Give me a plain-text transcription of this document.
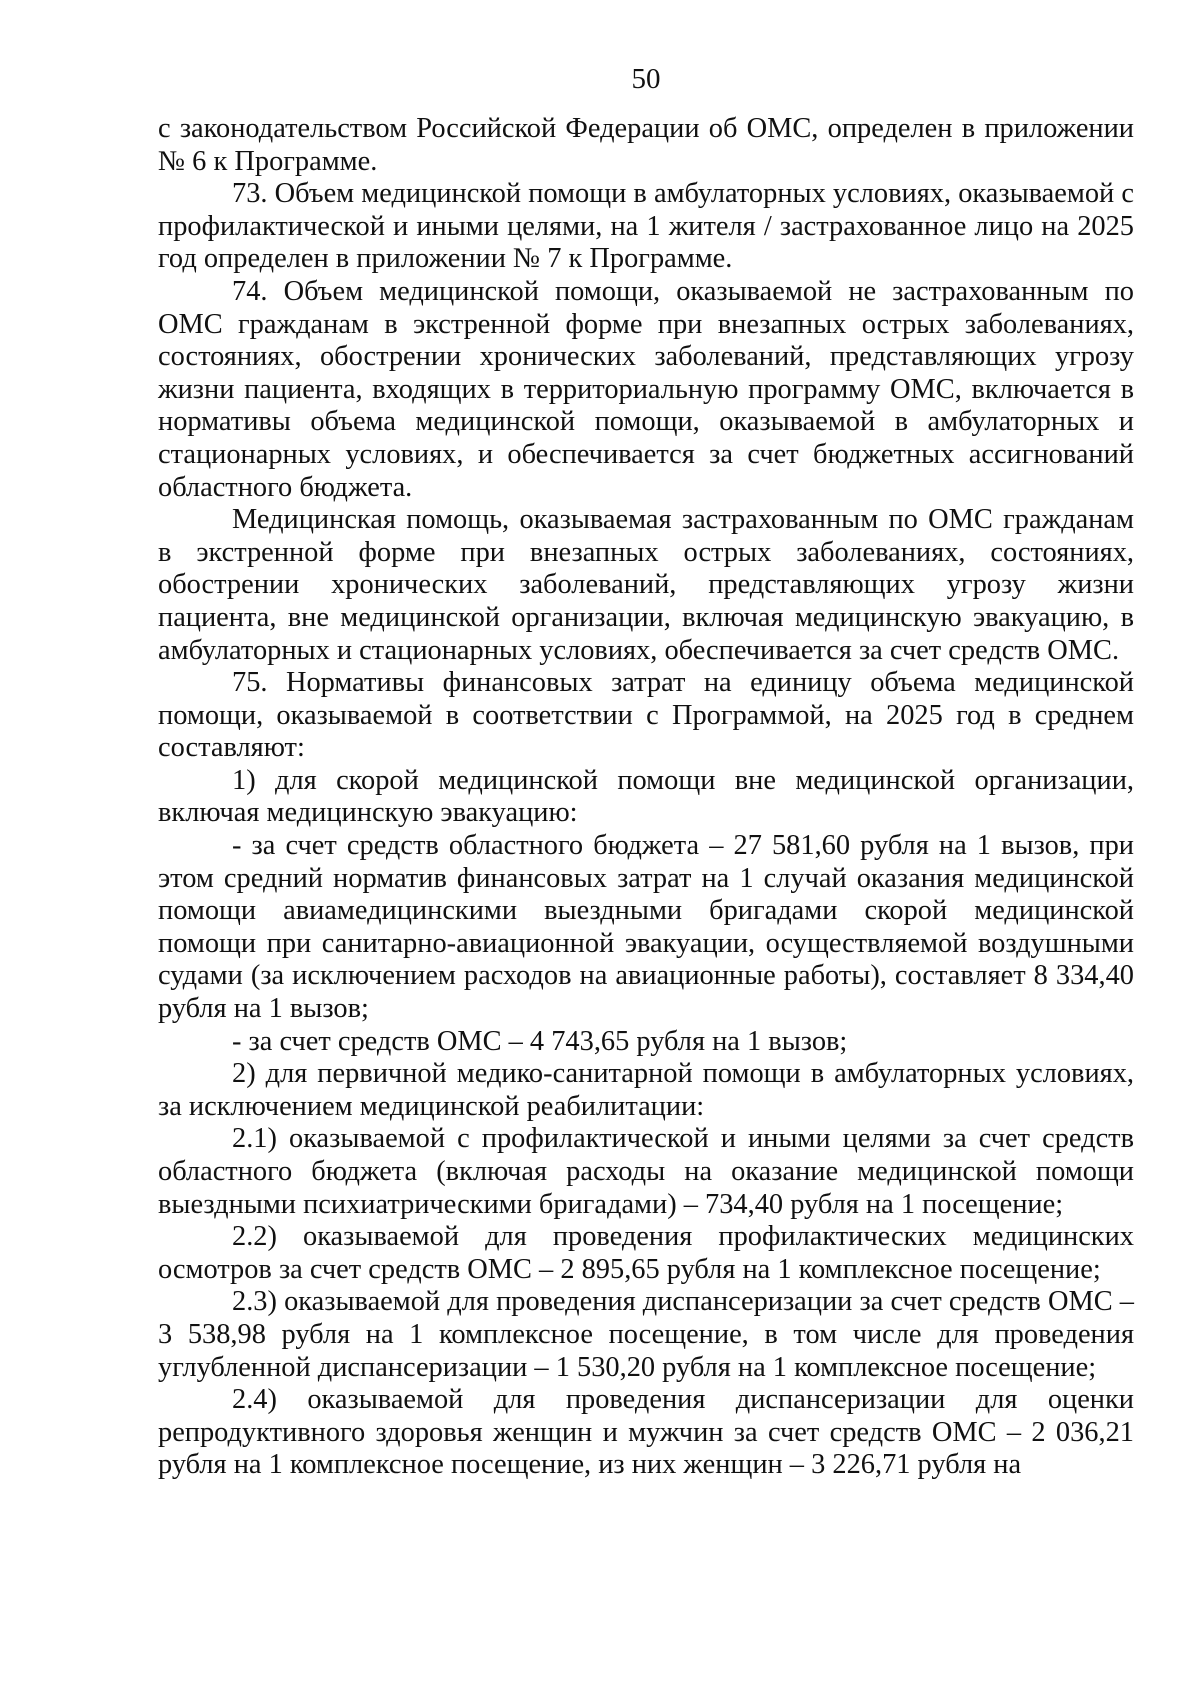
50

с законодательством Российской Федерации об ОМС, определен в приложении № 6 к Программе.

73. Объем медицинской помощи в амбулаторных условиях, оказываемой с профилактической и иными целями, на 1 жителя / застрахованное лицо на 2025 год определен в приложении № 7 к Программе.

74. Объем медицинской помощи, оказываемой не застрахованным по ОМС гражданам в экстренной форме при внезапных острых заболеваниях, состояниях, обострении хронических заболеваний, представляющих угрозу жизни пациента, входящих в территориальную программу ОМС, включается в нормативы объема медицинской помощи, оказываемой в амбулаторных и стационарных условиях, и обеспечивается за счет бюджетных ассигнований областного бюджета.

Медицинская помощь, оказываемая застрахованным по ОМС гражданам в экстренной форме при внезапных острых заболеваниях, состояниях, обострении хронических заболеваний, представляющих угрозу жизни пациента, вне медицинской организации, включая медицинскую эвакуацию, в амбулаторных и стационарных условиях, обеспечивается за счет средств ОМС.

75. Нормативы финансовых затрат на единицу объема медицинской помощи, оказываемой в соответствии с Программой, на 2025 год в среднем составляют:

1) для скорой медицинской помощи вне медицинской организации, включая медицинскую эвакуацию:

- за счет средств областного бюджета – 27 581,60 рубля на 1 вызов, при этом средний норматив финансовых затрат на 1 случай оказания медицинской помощи авиамедицинскими выездными бригадами скорой медицинской помощи при санитарно-авиационной эвакуации, осуществляемой воздушными судами (за исключением расходов на авиационные работы), составляет 8 334,40 рубля на 1 вызов;

- за счет средств ОМС – 4 743,65 рубля на 1 вызов;

2) для первичной медико-санитарной помощи в амбулаторных условиях, за исключением медицинской реабилитации:

2.1) оказываемой с профилактической и иными целями за счет средств областного бюджета (включая расходы на оказание медицинской помощи выездными психиатрическими бригадами) – 734,40 рубля на 1 посещение;

2.2) оказываемой для проведения профилактических медицинских осмотров за счет средств ОМС – 2 895,65 рубля на 1 комплексное посещение;

2.3) оказываемой для проведения диспансеризации за счет средств ОМС – 3 538,98 рубля на 1 комплексное посещение, в том числе для проведения углубленной диспансеризации – 1 530,20 рубля на 1 комплексное посещение;

2.4) оказываемой для проведения диспансеризации для оценки репродуктивного здоровья женщин и мужчин за счет средств ОМС – 2 036,21 рубля на 1 комплексное посещение, из них женщин – 3 226,71 рубля на
